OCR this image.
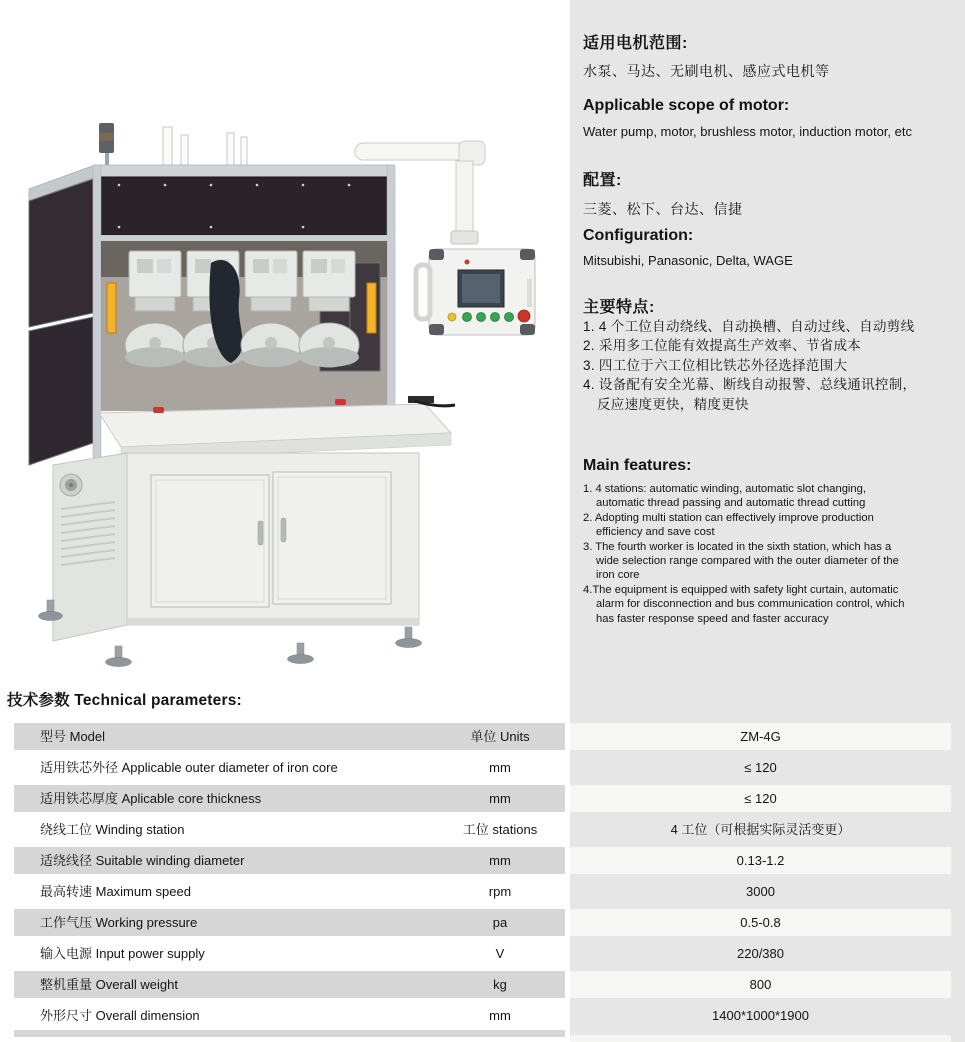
适用电机范围:
水泵、马达、无刷电机、感应式电机等
Applicable scope of motor:
Water pump, motor, brushless motor, induction motor, etc
配置:
三菱、松下、台达、信捷
Configuration:
Mitsubishi, Panasonic, Delta, WAGE
主要特点:
1. 4 个工位自动绕线、自动换槽、自动过线、自动剪线
2. 采用多工位能有效提高生产效率、节省成本
3. 四工位于六工位相比铁芯外径选择范围大
4. 设备配有安全光幕、断线自动报警、总线通讯控制，
反应速度更快，精度更快
Main features:
1. 4 stations: automatic winding, automatic slot changing,
automatic thread passing and automatic thread cutting
2. Adopting multi station can effectively improve production
efficiency and save cost
3. The fourth worker is located in the sixth station, which has a
wide selection range compared with the outer diameter of the
iron core
4.The equipment is equipped with safety light curtain, automatic
alarm for disconnection and bus communication control, which
has faster response speed and faster accuracy
技术参数 Technical parameters:
型号 Model	单位 Units	ZM-4G
适用铁芯外径 Applicable outer diameter of iron core	mm	≤ 120
适用铁芯厚度 Aplicable core thickness	mm	≤ 120
绕线工位 Winding station	工位 stations	4 工位（可根据实际灵活变更）
适绕线径 Suitable winding diameter	mm	0.13-1.2
最高转速 Maximum speed	rpm	3000
工作气压 Working pressure	pa	0.5-0.8
输入电源 Input power supply	V	220/380
整机重量 Overall weight	kg	800
外形尺寸 Overall dimension	mm	1400*1000*1900
